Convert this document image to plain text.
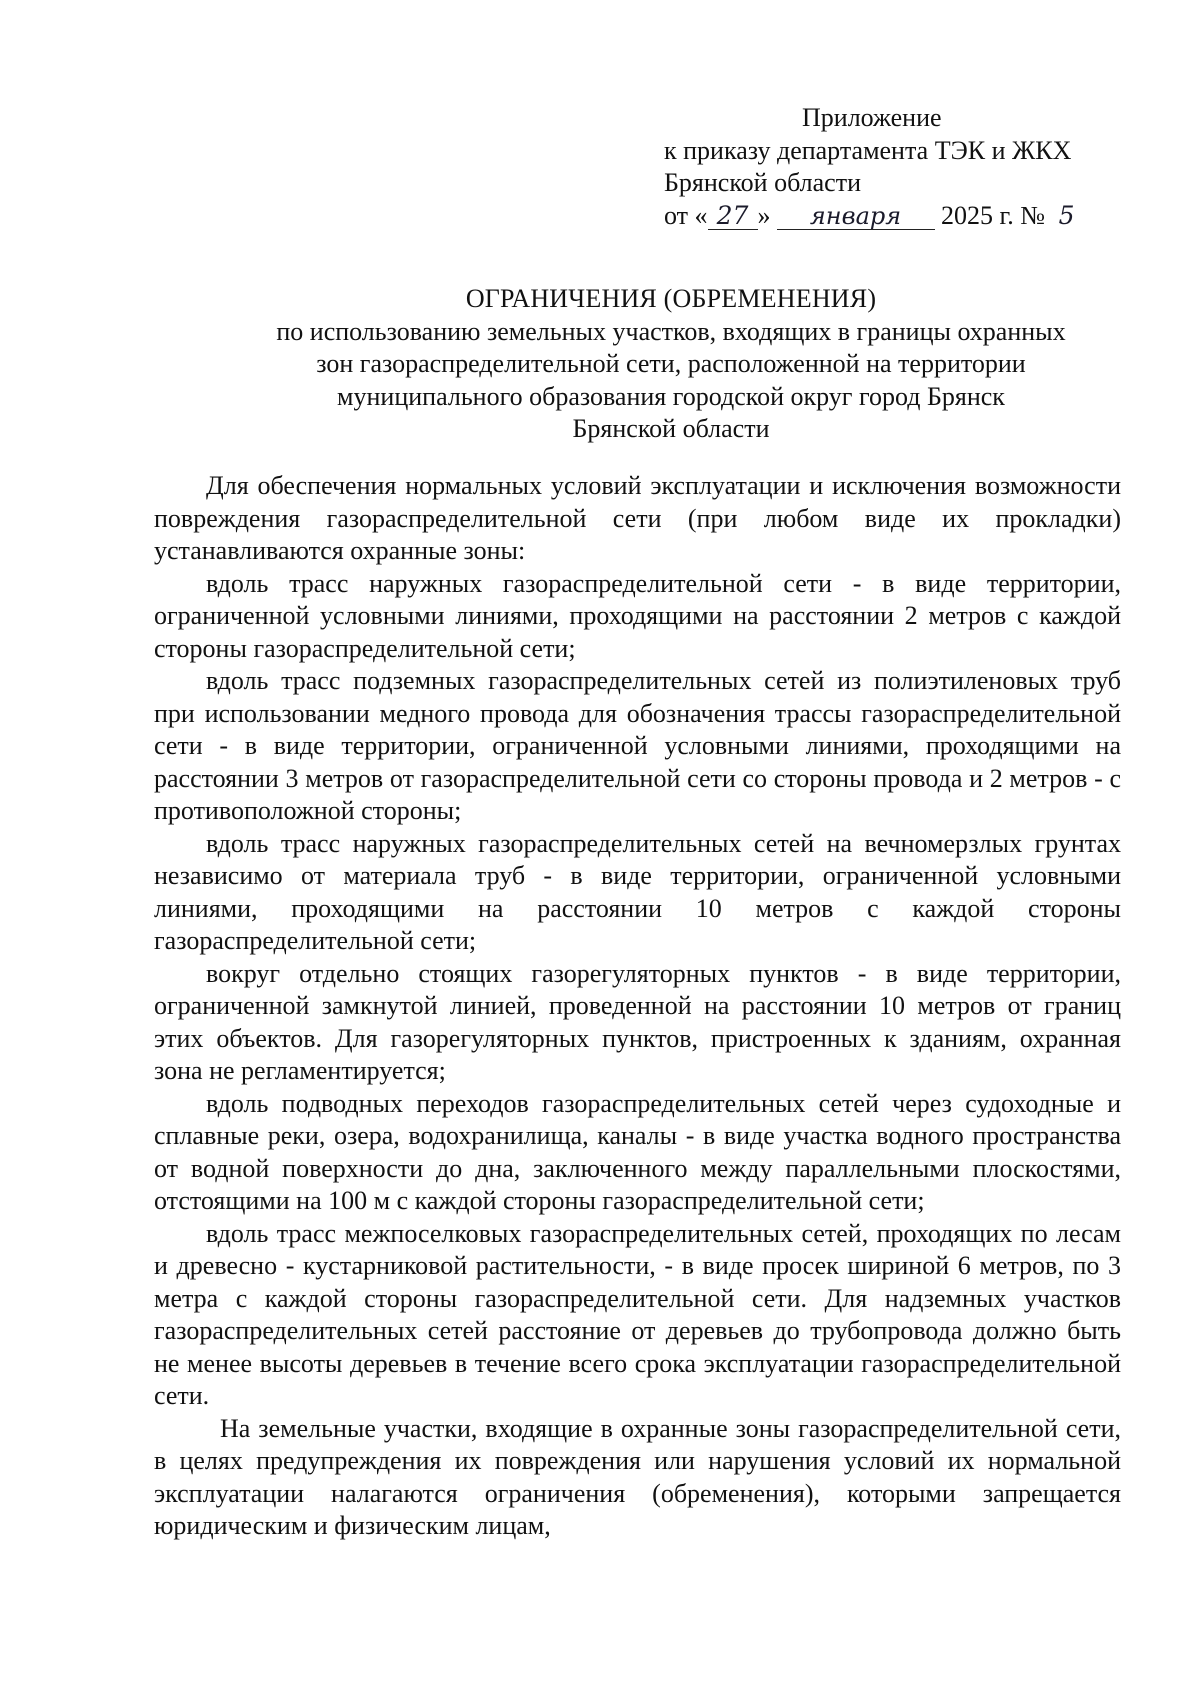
Приложение
к приказу департамента ТЭК и ЖКХ
Брянской области
от « 27 » января 2025 г. № 5
ОГРАНИЧЕНИЯ (ОБРЕМЕНЕНИЯ)
по использованию земельных участков, входящих в границы охранных
зон газораспределительной сети, расположенной на территории
муниципального образования городской округ город Брянск
Брянской области

Для обеспечения нормальных условий эксплуатации и исключения возможности повреждения газораспределительной сети (при любом виде их прокладки) устанавливаются охранные зоны:

вдоль трасс наружных газораспределительной сети - в виде территории, ограниченной условными линиями, проходящими на расстоянии 2 метров с каждой стороны газораспределительной сети;

вдоль трасс подземных газораспределительных сетей из полиэтиленовых труб при использовании медного провода для обозначения трассы газораспределительной сети - в виде территории, ограниченной условными линиями, проходящими на расстоянии 3 метров от газораспределительной сети со стороны провода и 2 метров - с противоположной стороны;

вдоль трасс наружных газораспределительных сетей на вечномерзлых грунтах независимо от материала труб - в виде территории, ограниченной условными линиями, проходящими на расстоянии 10 метров с каждой стороны газораспределительной сети;

вокруг отдельно стоящих газорегуляторных пунктов - в виде территории, ограниченной замкнутой линией, проведенной на расстоянии 10 метров от границ этих объектов. Для газорегуляторных пунктов, пристроенных к зданиям, охранная зона не регламентируется;

вдоль подводных переходов газораспределительных сетей через судоходные и сплавные реки, озера, водохранилища, каналы - в виде участка водного пространства от водной поверхности до дна, заключенного между параллельными плоскостями, отстоящими на 100 м с каждой стороны газораспределительной сети;

вдоль трасс межпоселковых газораспределительных сетей, проходящих по лесам и древесно - кустарниковой растительности, - в виде просек шириной 6 метров, по 3 метра с каждой стороны газораспределительной сети. Для надземных участков газораспределительных сетей расстояние от деревьев до трубопровода должно быть не менее высоты деревьев в течение всего срока эксплуатации газораспределительной сети.

На земельные участки, входящие в охранные зоны газораспределительной сети, в целях предупреждения их повреждения или нарушения условий их нормальной эксплуатации налагаются ограничения (обременения), которыми запрещается юридическим и физическим лицам,
